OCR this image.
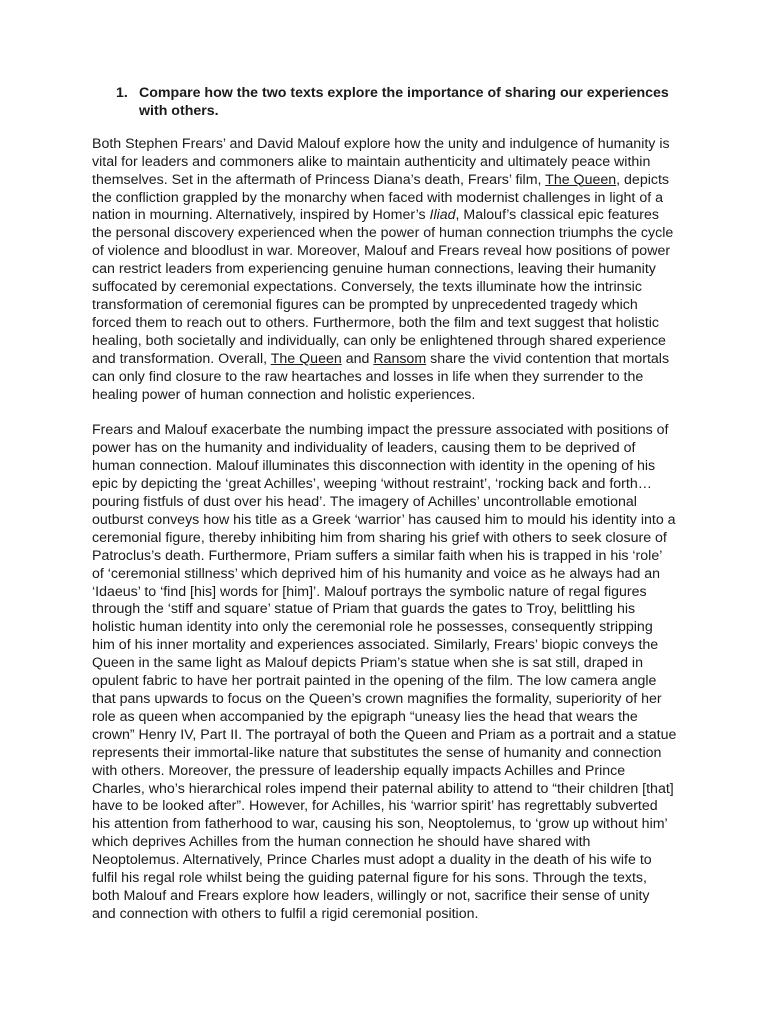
1. Compare how the two texts explore the importance of sharing our experiences with others.

Both Stephen Frears’ and David Malouf explore how the unity and indulgence of humanity is vital for leaders and commoners alike to maintain authenticity and ultimately peace within themselves. Set in the aftermath of Princess Diana’s death, Frears’ film, The Queen, depicts the confliction grappled by the monarchy when faced with modernist challenges in light of a nation in mourning. Alternatively, inspired by Homer’s Iliad, Malouf’s classical epic features the personal discovery experienced when the power of human connection triumphs the cycle of violence and bloodlust in war. Moreover, Malouf and Frears reveal how positions of power can restrict leaders from experiencing genuine human connections, leaving their humanity suffocated by ceremonial expectations. Conversely, the texts illuminate how the intrinsic transformation of ceremonial figures can be prompted by unprecedented tragedy which forced them to reach out to others. Furthermore, both the film and text suggest that holistic healing, both societally and individually, can only be enlightened through shared experience and transformation. Overall, The Queen and Ransom share the vivid contention that mortals can only find closure to the raw heartaches and losses in life when they surrender to the healing power of human connection and holistic experiences.

Frears and Malouf exacerbate the numbing impact the pressure associated with positions of power has on the humanity and individuality of leaders, causing them to be deprived of human connection. Malouf illuminates this disconnection with identity in the opening of his epic by depicting the ‘great Achilles’, weeping ‘without restraint’, ‘rocking back and forth… pouring fistfuls of dust over his head’. The imagery of Achilles’ uncontrollable emotional outburst conveys how his title as a Greek ‘warrior’ has caused him to mould his identity into a ceremonial figure, thereby inhibiting him from sharing his grief with others to seek closure of Patroclus’s death. Furthermore, Priam suffers a similar faith when his is trapped in his ‘role’ of ‘ceremonial stillness’ which deprived him of his humanity and voice as he always had an ‘Idaeus’ to ‘find [his] words for [him]’. Malouf portrays the symbolic nature of regal figures through the ‘stiff and square’ statue of Priam that guards the gates to Troy, belittling his holistic human identity into only the ceremonial role he possesses, consequently stripping him of his inner mortality and experiences associated. Similarly, Frears’ biopic conveys the Queen in the same light as Malouf depicts Priam’s statue when she is sat still, draped in opulent fabric to have her portrait painted in the opening of the film. The low camera angle that pans upwards to focus on the Queen’s crown magnifies the formality, superiority of her role as queen when accompanied by the epigraph “uneasy lies the head that wears the crown” Henry IV, Part II. The portrayal of both the Queen and Priam as a portrait and a statue represents their immortal-like nature that substitutes the sense of humanity and connection with others. Moreover, the pressure of leadership equally impacts Achilles and Prince Charles, who’s hierarchical roles impend their paternal ability to attend to “their children [that] have to be looked after”. However, for Achilles, his ‘warrior spirit’ has regrettably subverted his attention from fatherhood to war, causing his son, Neoptolemus, to ‘grow up without him’ which deprives Achilles from the human connection he should have shared with Neoptolemus. Alternatively, Prince Charles must adopt a duality in the death of his wife to fulfil his regal role whilst being the guiding paternal figure for his sons. Through the texts, both Malouf and Frears explore how leaders, willingly or not, sacrifice their sense of unity and connection with others to fulfil a rigid ceremonial position.
